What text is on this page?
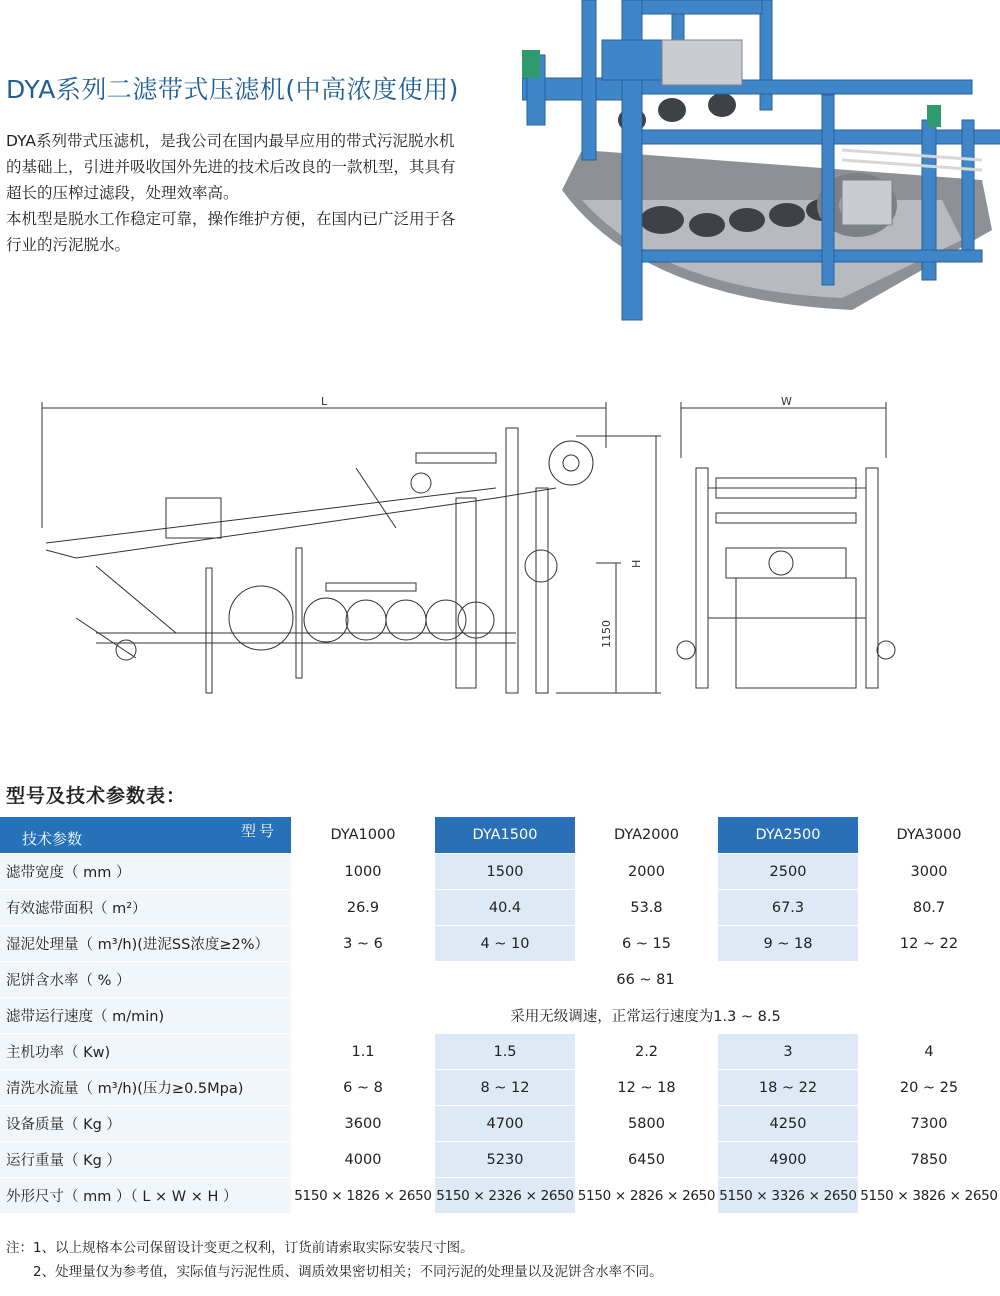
DYA系列二滤带式压滤机(中高浓度使用)

DYA系列带式压滤机，是我公司在国内最早应用的带式污泥脱水机的基础上，引进并吸收国外先进的技术后改良的一款机型，其具有超长的压榨过滤段，处理效率高。

本机型是脱水工作稳定可靠，操作维护方便，在国内已广泛用于各行业的污泥脱水。

L	W
H
1150
型号及技术参数表：
型号
技术参数	DYA1000	DYA1500	DYA2000	DYA2500	DYA3000
滤带宽度（ mm ）	1000	1500	2000	2500	3000
有效滤带面积（ m²）	26.9	40.4	53.8	67.3	80.7
湿泥处理量（ m³/h)(进泥SS浓度≥2%）	3 ~ 6	4 ~ 10	6 ~ 15	9 ~ 18	12 ~ 22
泥饼含水率（ % ）	66 ~ 81				
滤带运行速度（ m/min)	采用无级调速，正常运行速度为1.3 ~ 8.5				
主机功率（ Kw)	1.1	1.5	2.2	3	4
清洗水流量（ m³/h)(压力≥0.5Mpa)	6 ~ 8	8 ~ 12	12 ~ 18	18 ~ 22	20 ~ 25
设备质量（ Kg ）	3600	4700	5800	4250	7300
运行重量（ Kg ）	4000	5230	6450	4900	7850
外形尺寸（ mm ）（ L × W × H ）	5150 × 1826 × 2650	5150 × 2326 × 2650	5150 × 2826 × 2650	5150 × 3326 × 2650	5150 × 3826 × 2650
注：1、以上规格本公司保留设计变更之权利，订货前请索取实际安装尺寸图。
2、处理量仅为参考值，实际值与污泥性质、调质效果密切相关；不同污泥的处理量以及泥饼含水率不同。
